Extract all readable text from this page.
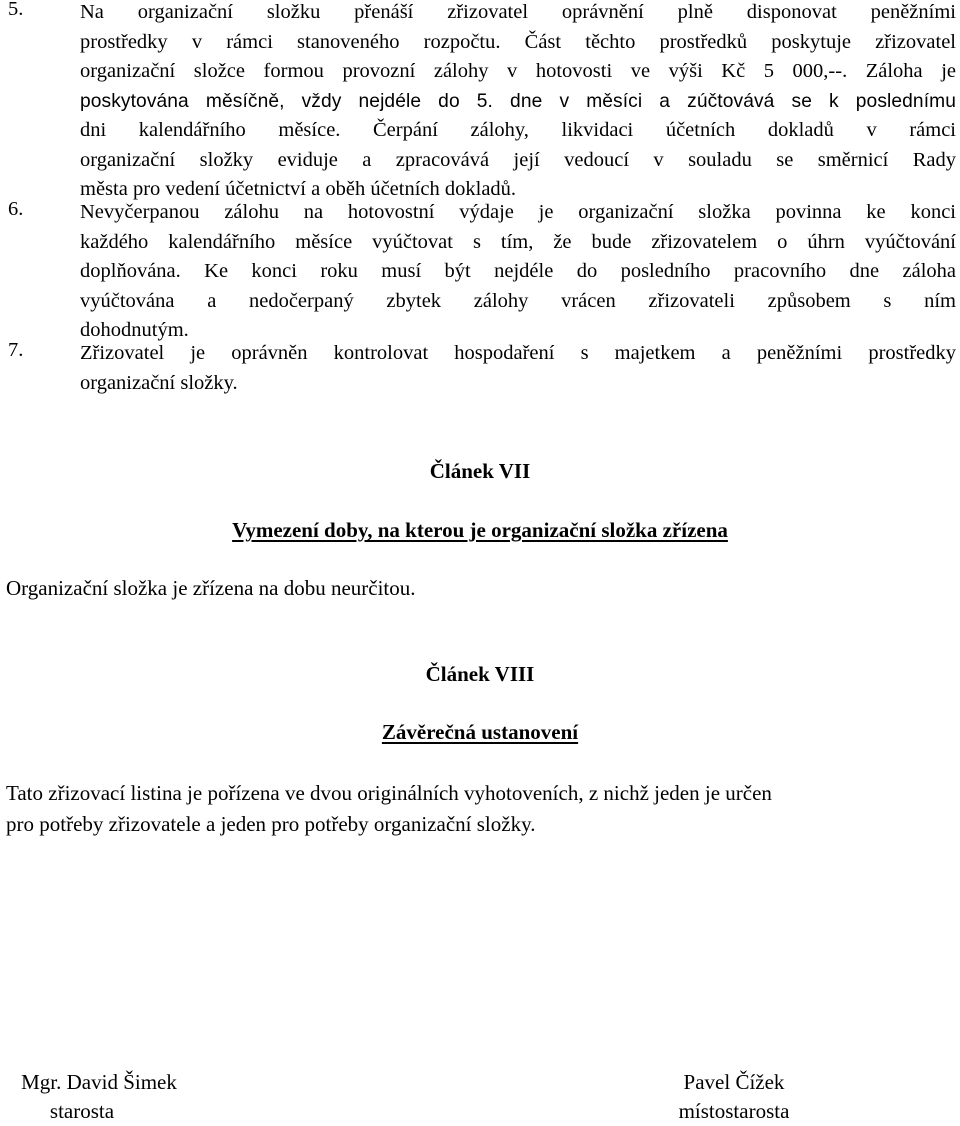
5.	Na organizační složku přenáší zřizovatel oprávnění plně disponovat peněžními
prostředky v rámci stanoveného rozpočtu. Část těchto prostředků poskytuje zřizovatel
organizační složce formou provozní zálohy v hotovosti ve výši Kč 5 000,--. Záloha je
poskytována měsíčně, vždy nejdéle do 5. dne v měsíci a zúčtovává se k poslednímu
dni kalendářního měsíce. Čerpání zálohy, likvidaci účetních dokladů v rámci
organizační složky eviduje a zpracovává její vedoucí v souladu se směrnicí Rady
města pro vedení účetnictví a oběh účetních dokladů.
6.	Nevyčerpanou zálohu na hotovostní výdaje je organizační složka povinna ke konci
každého kalendářního měsíce vyúčtovat s tím, že bude zřizovatelem o úhrn vyúčtování
doplňována. Ke konci roku musí být nejdéle do posledního pracovního dne záloha
vyúčtována a nedočerpaný zbytek zálohy vrácen zřizovateli způsobem s ním
dohodnutým.
7.	Zřizovatel je oprávněn kontrolovat hospodaření s majetkem a peněžními prostředky
organizační složky.
Článek VII
Vymezení doby, na kterou je organizační složka zřízena
Organizační složka je zřízena na dobu neurčitou.
Článek VIII
Závěrečná ustanovení
Tato zřizovací listina je pořízena ve dvou originálních vyhotoveních, z nichž jeden je určen
pro potřeby zřizovatele a jeden pro potřeby organizační složky.
Mgr. David Šimek
starosta
Pavel Čížek
místostarosta
